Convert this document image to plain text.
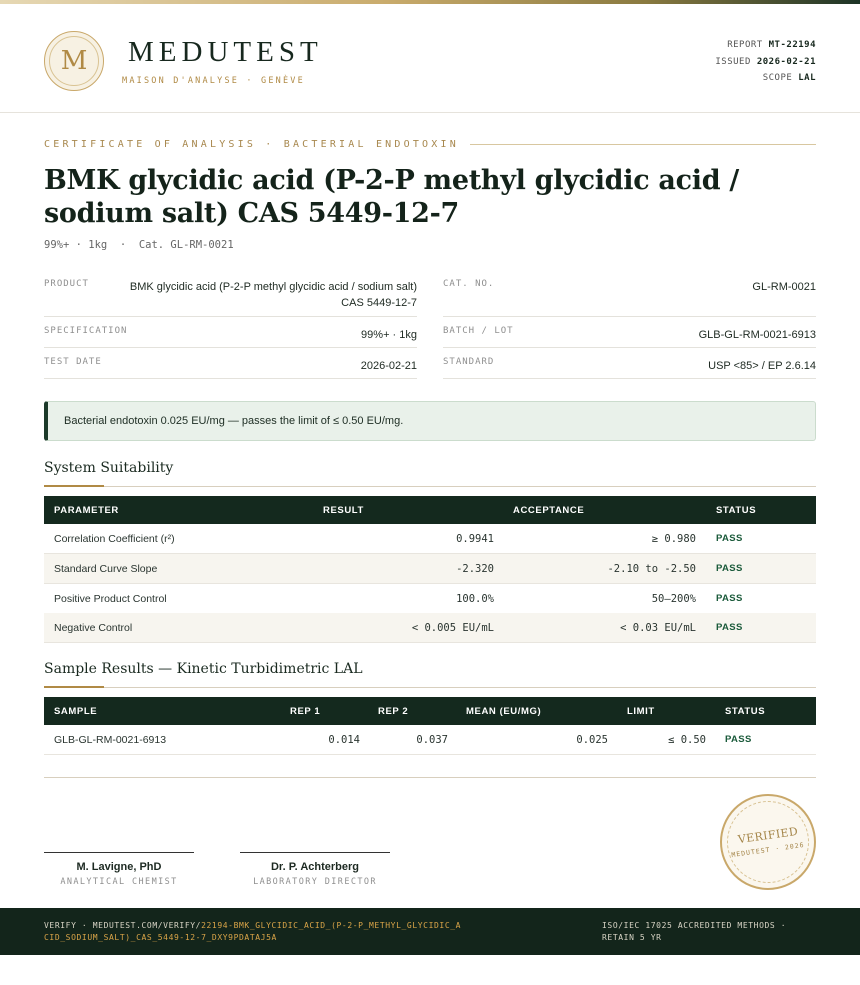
M MEDUTEST
MAISON D'ANALYSE · GENÈVE
REPORT MT-22194
ISSUED 2026-02-21
SCOPE LAL
CERTIFICATE OF ANALYSIS · BACTERIAL ENDOTOXIN
BMK glycidic acid (P-2-P methyl glycidic acid / sodium salt) CAS 5449-12-7
99%+ · 1kg  ·  Cat. GL-RM-0021
PRODUCT	BMK glycidic acid (P-2-P methyl glycidic acid / sodium salt) CAS 5449-12-7
CAT. NO.	GL-RM-0021
SPECIFICATION	99%+ · 1kg	BATCH / LOT	GLB-GL-RM-0021-6913
TEST DATE	2026-02-21	STANDARD	USP <85> / EP 2.6.14
Bacterial endotoxin 0.025 EU/mg — passes the limit of ≤ 0.50 EU/mg.
System Suitability
PARAMETER	RESULT	ACCEPTANCE	STATUS
Correlation Coefficient (r²)	0.9941	≥ 0.980 PASS
Standard Curve Slope	-2.320	-2.10 to -2.50 PASS
Positive Product Control	100.0%	50–200% PASS
Negative Control	< 0.005 EU/mL	< 0.03 EU/mL PASS
Sample Results — Kinetic Turbidimetric LAL
SAMPLE	REP 1	REP 2	MEAN (EU/MG)	LIMIT	STATUS
GLB-GL-RM-0021-6913	0.014	0.037	0.025	≤ 0.50 PASS
M. Lavigne, PhD
ANALYTICAL CHEMIST
Dr. P. Achterberg
LABORATORY DIRECTOR
VERIFIED
MEDUTEST · 2026
VERIFY · MEDUTEST.COM/VERIFY/22194-BMK_GLYCIDIC_ACID_(P-2-P_METHYL_GLYCIDIC_ACID_SODIUM_SALT)_CAS_5449-12-7_DXY9PDATAJ5A
ISO/IEC 17025 ACCREDITED METHODS · RETAIN 5 YR
